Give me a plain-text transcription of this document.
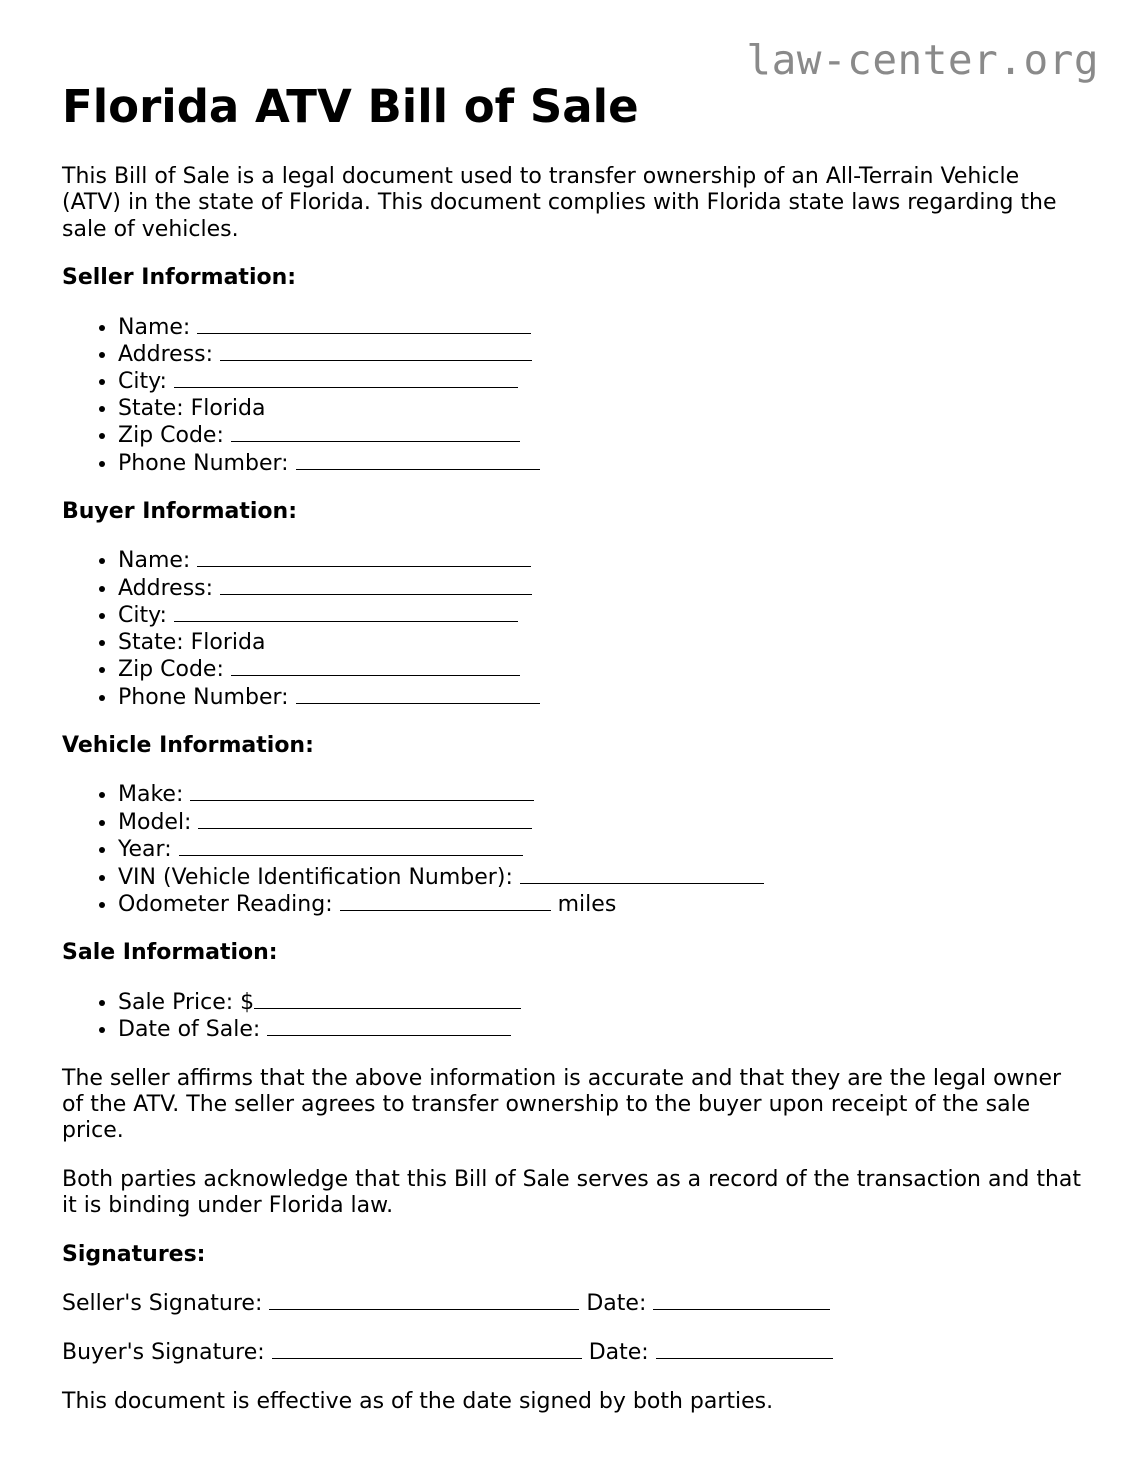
law-center.org
Florida ATV Bill of Sale

This Bill of Sale is a legal document used to transfer ownership of an All-Terrain Vehicle (ATV) in the state of Florida. This document complies with Florida state laws regarding the sale of vehicles.

Seller Information:
• Name:
• Address:
• City:
• State: Florida
• Zip Code:
• Phone Number:
Buyer Information:
• Name:
• Address:
• City:
• State: Florida
• Zip Code:
• Phone Number:
Vehicle Information:
• Make:
• Model:
• Year:
• VIN (Vehicle Identification Number):
• Odometer Reading:	miles
Sale Information:
• Sale Price: $
• Date of Sale:

The seller affirms that the above information is accurate and that they are the legal owner of the ATV. The seller agrees to transfer ownership to the buyer upon receipt of the sale price.

Both parties acknowledge that this Bill of Sale serves as a record of the transaction and that it is binding under Florida law.

Signatures:

Seller's Signature:	Date:

Buyer's Signature:	Date:

This document is effective as of the date signed by both parties.
